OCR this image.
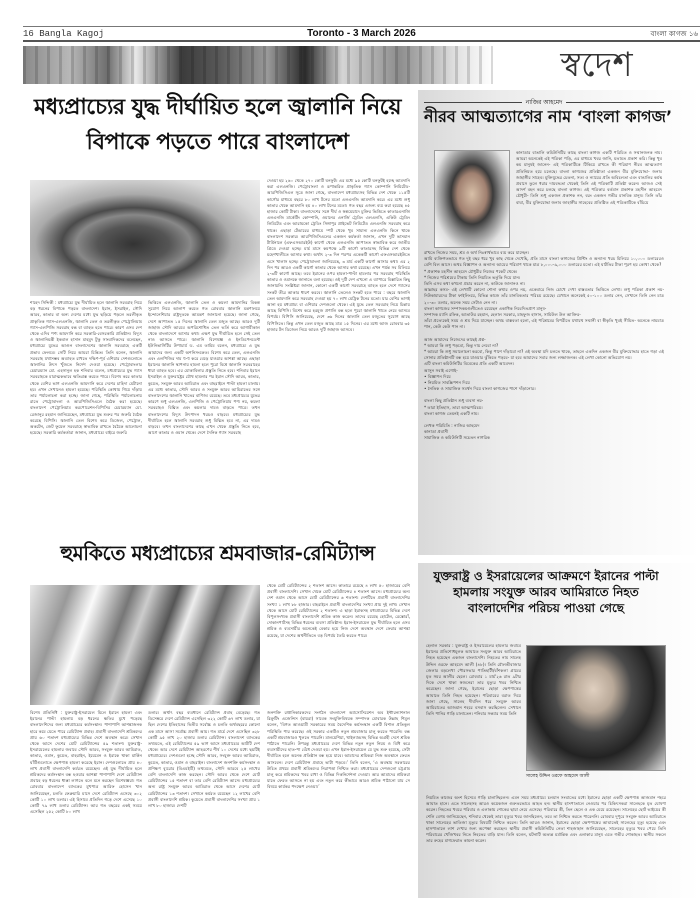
16 Bangla Kagoj	Toronto - 3 March 2026	বাংলা কাগজ ১৬
স্বদেশ
মধ্যপ্রাচ্যের যুদ্ধ দীর্ঘায়িত হলে জ্বালানি নিয়ে বিপাকে পড়তে পারে বাংলাদেশ

শাহেদ সিদ্দিকী : মধ্যপ্রাচ্যে যুদ্ধ দীর্ঘায়িত হলে জ্বালানি সরবরাহ নিয়ে বড় ধরনের বিপাকে পড়তে বাংলাদেশ। ইরান, ইসরাইল, সৌদি আরব, কাতার বা অন্য দেশের মধ্যে যুদ্ধ ছড়িয়ে পড়লে তরলীকৃত প্রাকৃতিক গ্যাস-এলএনজি, জ্বালানি তেল ও তরলীকৃত পেট্রোলিয়াম গ্যাস-এলপিজি সরবরাহ বন্ধ বা ব্যাহত হতে পারে। কারণ এসব দেশ থেকে এদিব পণ্য আমদানি করে সরকারি-বেসরকারি প্রতিষ্ঠান। বিদ্যুৎ ও জ্বালানিমন্ত্রী ইকবাল হাসান মাহমুদ টুকু সাংবাদিকদের বলেছেন, মধ্যপ্রাচ্যে যুদ্ধের আগুন বাংলাদেশের জ্বালানি সরবরাহে একটি প্রভাব ফেলবে। সেটি নিয়ে আমরা চিন্তিত। তিনি বলেন, জ্বালানি সরবরাহ যথাসম্ভব অব্যাহত রাখতে দক্ষিণ-পূর্ব এশিয়ার দেশগুলোতে জ্বালানির উৎস খুঁজতে নির্দেশ দেওয়া হয়েছে। পেট্রোবাংলার চেয়ারম্যান মো. এহসানুল হক শনিবার বলেন, মধ্যপ্রাচ্যের যুদ্ধ গ্যাস সরবরাহকে মারাত্মকভাবে ক্ষতিগ্রস্ত করতে পারে। বিশেষ করে কাতার থেকে বেশির ভাগ এলএনজি আমদানি করে দেশের চাহিদা মেটানো হয়। এখন সেখানেও হামলা হয়েছে। পরিস্থিতি কোথায় গিয়ে দাঁড়ায় তার পর্যালোচনা করা হচ্ছে। জানা গেছে, পরিস্থিতি পর্যালোচনায় রাতে পেট্রোবাংলা ও আরপিজিসিএলে বৈঠক করা হয়েছে। বাংলাদেশ পেট্রোলিয়াম করপোরেশন-বিপিসির চেয়ারম্যান মো. রেজানুর রহমান জানিয়েছেন, মধ্যপ্রাচ্যে যুদ্ধ শুরুর পর জরুরি বৈঠক করেছে বিপিসি। জ্বালানি তেল বিশেষ করে ডিজেল, পেট্রোল, অকটেন, জেট ফুয়েল সরবরাহে স্বাভাবিক রাখতে বৈঠকে আলোচনা হয়েছে। সরকারি কর্মকর্তারা জানান, মধ্যপ্রাচ্যে বাইরে জরুরি

ভিত্তিতে এলএনজি, জ্বালানি তেল ও কয়লা আমদানির বিকল্প সুযোগ নিয়ে আলাপ করতে গত রোববার জ্বালানি মন্ত্রণালয়ে ইন্দোনেশিয়ার রাষ্ট্রদূতকে আমন্ত্রণ জানানো হয়েছে। জানা গেছে, দেশে আপাতত ১৫ দিনের জ্বালানি তেল মজুত আছে। আরও দুটি জাহাজ সৌদি আরবে অপরিশোধিত তেল ভর্তি করে আগামীকাল থেকে বাংলাদেশে আসার কথা। এক্ষণ যুদ্ধ দীর্ঘায়িত হলে সেই তেল নাও আসতে পারে। জ্বালানি বিশেষজ্ঞ ও ইনডিপেনডেন্ট ইউনিভার্সিটির উপাচার্য ড. এম তামিম বলেন, মধ্যপ্রাচ্যে এ যুদ্ধ আমাদের জন্য একটি অশনিসংকেত। বিশেষ করে তেল, এলএনজি এবং এলপিজির দাম হু-হু করে বেড়ে যাওয়ার আশঙ্কা আছে। এছাড়া ইরানের জ্বালানি স্থাপনায় হামলা হলে পুরো বিশ্বে জ্বালানি সরবরাহের ধারা ব্যাহত হবে। এর মোকাবিলার প্রস্তুতি নিতে হবে। শনিবার ইরানে ইসরাইল ও যুক্তরাষ্ট্রের যৌথ হামলার পর ইরান সৌদি আরব, কাতার, কুয়েত, সংযুক্ত আরব আমিরাত এবং বাহরাইনে পাল্টা হামলা চালায়। এর মধ্যে কাতার, সৌদি আরব ও সংযুক্ত আরব আমিরাতের সঙ্গে বাংলাদেশের জ্বালানি খাতের বাণিজ্য রয়েছে। তবে মধ্যপ্রাচ্যের যুদ্ধের কারণে শুধু এলএনজি, এলপিজি ও পেট্রোলিয়াম পণ্য নয়, কয়লা সরবরাহও বিঘ্নিত এবং কয়লার দামও বাড়তে পারে। তখন বাংলাদেশের বিদ্যুৎ উৎপাদন খরচও বাড়বে। মধ্যপ্রাচ্যের যুদ্ধ দীর্ঘায়িত হলে জ্বালানি সরবরাহ শুধু বিঘ্নিত হবে না, এর দামও বাড়বে। তখন বাংলাদেশের কাছে এখন থেকে প্রস্তুতি নিতে হবে, আগে কাতার ও ওমান থেকে। দেশে দৈনিক গ্যাস সরবরাহ

দেওয়া হয় ২৬০ থেকে ২৭০ কোটি ঘনফুট। এর মধ্যে ৯৫ কোটি ঘনফুটই হচ্ছে আমদানি করা এলএনজি। পেট্রোবাংলা ও রূপান্তরিত প্রাকৃতিক গ্যাস কোম্পানি লিমিটেড-আরপিজিসিএল সূত্রে জানা গেছে, বাংলাদেশ মধ্যপ্রাচ্যসহ বিভিন্ন দেশ থেকে ১১৫টি কার্গোর মাধ্যমে বছরে ৮০ লাখ টনের মতো এলএনজি আমদানি করে। এর মধ্যে শুধু কাতার থেকে আমদানি হয় ৪০ লাখ টনের মতো। গত বছর এজন্য ব্যয় করা হয়েছে ৪৫ হাজার কোটি টাকা। বাংলাদেশের সঙ্গে দীর্ঘ ও স্বল্পমেয়াদে চুক্তির ভিত্তিতে কাতারএনার্জি এলএনজি মার্কেটিং কোম্পানি, ওমানের এনার্জি ট্রেডিং এলএলসি, একিউ ট্রেডিং লিমিটেড এবং আরামকো ট্রেডিং সিঙ্গাপুর প্রাইভেট লিমিটেড এলএনজি সরবরাহ করে থাকে। এছাড়া টেন্ডারের মাধ্যমে স্পট থেকে খুব সামান্য এলএনজি কিনে থাকে বাংলাদেশ সরকার। আরপিজিসিএলের একজন কর্মকর্তা জানান, এখন দুটি ভাসমান টার্মিনালে (এফএসআরইউ) কার্গো থেকে এলএনজি আপাতত স্বাভাবিক করে জাতীয় গ্রিডে দেওয়া হচ্ছে। মার্চ মাসে কমপক্ষে ৯টি কার্গো কাতারসহ বিভিন্ন দেশ থেকে মহেশখালীতে আসার কথা। অর্থাৎ ২-৩ দিন পরপর একেকটি কার্গো এফএসআরইউতে এসে খালাস হচ্ছে। পেট্রোবাংলা জানিয়েছে, ৩ মার্চ একটি কার্গো আসার কথা। এর ২ দিন পর আরও একটি কার্গো কাতার থেকে আসার কথা রয়েছে। এখন পর্যন্ত সব মিলিয়ে ২-৩টি কার্গো আছে। তবে ইরানের ওপর হামলা-পাল্টা হামলার পর সরবরাহ পরিস্থিতি কাতার ও ওমানকে জানাতে বলা হয়েছে। ওই দুটি দেশ এখনো এ ব্যাপারে বিস্তারিত কিছু জানায়নি। সংশ্লিষ্টরা জানান, কোনো একটি কার্গো সরবরাহে ব্যাহত হলে দেশে গ্যাসের সংকট তীব্র আকার ধারণ করবে। জ্বালানি তেলেও সংকট হতে পারে : বছরে জ্বালানি তেল আমদানি করে সরবরাহ দেওয়া হয় ৭০ লাখ মেট্রিক টনের মতো। যার বেশির ভাগই আনা হয় মধ্যপ্রাচ্য বা এশিয়ার দেশগুলো থেকে। এই যুদ্ধে তেল সরবরাহ নিয়ে চিন্তায় আছে বিপিসি। বিশেষ করে হরমুজ প্রণালি বন্ধ হলে পুরো জ্বালানি খাতে নেমে আসবে বিপর্যয়। বিপিসি জানিয়েছে, দেশে ৩৬ দিনের জ্বালানি তেল মজুতের সুযোগ আছে বিপিসিতে। কিন্তু এখন তেল মজুত আছে মাত্র ১৫ দিনের। এর মধ্যে আজ রোববার ৩৫ হাজার টন ডিজেল নিয়ে আরও দুটি জাহাজ আসবে।

নাজির আহমেদ
নীরব আত্মত্যাগের নাম ‘বাংলা কাগজ’

কানাডার বাঙালি কমিউনিটির কাছে বাংলা কাগজ একটি পরিচিত ও সম্মানজনক নাম। আমরা অনেকেই এই পত্রিকা পড়ি, এর মাধ্যমে খবর জানি, মতামত প্রকাশ করি। কিন্তু খুব কম মানুষই জানেন- এই পত্রিকাটিকে টিকিয়ে রাখতে কী পরিমাণ নীরব আত্মত্যাগ প্রতিনিয়ত হয়ে চলেছে। বাংলা কাগজের প্রতিষ্ঠাতা একজন বীর মুক্তিযোদ্ধা- জনাব জাহাঙ্গীর সাহেব। মুক্তিযুদ্ধের চেতনা, সত্য ও ন্যায়ের প্রতি অবিচলতা এবং বাঙালির কর্মস্থ প্রবাসে তুলে ধরার দায়বদ্ধতা থেকেই তিনি এই পত্রিকাটি প্রতিষ্ঠা করেন। আজও সেই আদর্শ বহন করে চলছে বাংলা কাগজ। এই পত্রিকার বর্তমান প্রকাশক মহসীন আহমেদ চৌধুরী- তিনি শুধু একজন প্রকাশক নন, বরং একজন গভীর মানবিক মানুষ। তিনি তাঁর বাবা, বীর মুক্তিযোদ্ধা জনাব জাহাঙ্গীর সাহেবের প্রতিষ্ঠিত এই পত্রিকাটিকে বাঁচিয়ে

রাখতে নিজের সময়, শ্রম ও অর্থ নিঃস্বার্থভাবে ব্যয় করে যাচ্ছেন।

আমি ব্যক্তিগতভাবে গত দুই বছর ধরে খুব কাছ থেকে দেখেছি, প্রতি মাসে বাংলা কাগজের প্রিন্টিং ও অন্যান্য খরচ মিলিয়ে ১০,০০০ ডলারেরও বেশি বিল আসে। অথচ বিজ্ঞাপন ও অন্যান্য আয়ের পরিমাণ থাকে মাত্র ৮,০০০-৯,০০০ ডলারের মতো। এই ঘাটতির টাকা পূরণ হয় কোথা থেকে?

* প্রকাশক মহসীন আহমেদ চৌধুরীর নিজের পকেট থেকে।

* নিজের পরিশ্রমের টাকায় তিনি নিয়মিত ভর্তুকি দিয়ে যান।

তিনি এসব কথা কখনো প্রচার করেন না, কাউকে জানানও না।

আল্লাহর কসম- এই লেখাটি কোনো শোনা কথার ওপর নয়, একেবারে নিজ চোখে দেখা বাস্তবতার ভিত্তিতে লেখা। শুধু পত্রিকা প্রকাশ নয়- নিউকামারদের টাকা ফাইলিংয়ে, বিভিন্ন কাজে তাঁর মানবিকতার পরিচয় রয়েছে। যেখানে অনেকেই ৫০-১০০ ডলার নেন, সেখানে তিনি নেন মাত্র ২০-৩০ ডলার, অনেক সময় সেটাও নেন না।

বাংলা কাগজের সম্পাদকমণ্ডলীতেও রয়েছেন একাধিক নিবেদিতপ্রাণ মানুষ-

সম্পাদক ম্যানি রফিক, আতাউর রহমান, হেলাল সরকার, মাহফুজ হাসান, সামিউল উল আক্তির-

তাঁরা প্রত্যেকেই সময় ও শ্রম দিয়ে যাচ্ছেন। অথচ বাস্তবতা হলো, এই পরিশ্রমের বিপরীতে যথাযথ সম্মানী বা স্বীকৃতি খুবই সীমিত- অনেকে নামমাত্র পান, কেউ কেউ পান না।

আজ আমাদের নিজেদের কাছেই প্রশ্ন-

* আমরা কি শুধু পড়বো, কিন্তু দায় নেবো না?

* আমরা কি শুধু সমালোচনা করবো, কিন্তু পাশে দাঁড়াবো না? এই অবস্থা যদি চলতে থাকে, তাহলে একদিন একজন বীর মুক্তিযোদ্ধার হাতে গড়া এই সোনার প্রতিষ্ঠানটি বন্ধ হয়ে যাওয়ার ঝুঁকিতে পড়বে- যা হবে আমাদের সবার জন্য লজ্জাজনক। এই লেখা কোনো অভিযোগ নয়।

এটি বাংলা কমিউনিটির বিবেকের প্রতি একটি আবেদন।

আসুন সবাই এগোই-

• বিজ্ঞাপন দিয়ে

• নিয়মিত সাবস্ক্রিপশন দিয়ে

• নৈতিক ও সামাজিক সমর্থন দিয়ে বাংলা কাগজের পাশে দাঁড়ানোর।

বাংলা কিছু প্রতিষ্ঠান শুধু ব্যবসা নয়-

* তারা ইতিহাস, তারা আত্মপরিচয়।

বাংলা কাগজ তেমনই একটি নাম।

লেখক পরিচিতি : নাজির আহমেদ

কানাডা প্রবাসী

সামাজিক ও কমিউনিটি সচেতন নাগরিক

হুমকিতে মধ্যপ্রাচ্যের শ্রমবাজার-রেমিট্যান্স

থেকে মোট রেমিট্যান্সের ২ শতাংশ আসে। কাতারে রয়েছে ৪ লাখ ৫০ হাজারের বেশি প্রবাসী বাংলাদেশি। সেখান থেকে মোট রেমিট্যান্সের ৪ শতাংশ আসে। মধ্যপ্রাচ্যের অন্য দেশ ওমান থেকে আসে মোট রেমিট্যান্সের ৬ শতাংশ। দেশটিতে প্রবাসী বাংলাদেশির সংখ্যা ১ লাখ ৮৮ হাজার। বাহরাইনে প্রবাসী বাংলাদেশির সংখ্যা প্রায় দুই লাখ। সেখান থেকে আসে মোট রেমিট্যান্সের ২ শতাংশ। এ ছাড়া ইরাকসহ মধ্যপ্রাচ্যের বিভিন্ন দেশে বিপুলসংখ্যক প্রবাসী বাংলাদেশি শ্রমিক কাজ করেন। তাদের রয়েছে হোটেল, রেস্তোরাঁ, দোকানপাটসহ বিভিন্ন ধরনের ব্যবসা প্রতিষ্ঠান। ইরান-ইসরায়েল যুদ্ধ দীর্ঘায়িত হলে এসব শ্রমিক ও ব্যবসায়ীর অনেকেই বেকার হয়ে নিজ দেশে অবস্থান দেশে ফেরার আশঙ্কা রয়েছে, যা দেশের অর্থনীতিতে বড় বিপর্যয় তৈরি করতে পারে।

বিশেষ প্রতিনিধি : যুক্তরাষ্ট্র-ইসরায়েল মিলে ইরানে হামলা এবং ইরানের পাল্টা হামলায় বড় ধরনের ক্ষতির মুখে পড়েছে বাংলাদেশিদের জন্য মধ্যপ্রাচ্যের কর্মসংস্থান। পাশাপাশি আশঙ্কাজনক হারে কমে যেতে পারে রেমিট্যান্স প্রবাহ। প্রবাসী বাংলাদেশি শ্রমিকদের প্রায় ৬০ শতাংশ মধ্যপ্রাচ্যের বিভিন্ন দেশে অবস্থান করে। সেখান থেকে আসে দেশের মোট রেমিট্যান্সের ৫৯ শতাংশ। যুক্তরাষ্ট্র-ইসরায়েলের হামলার জবাবে সৌদি আরব, সংযুক্ত আরব আমিরাত, কাতার, ওমান, কুয়েত, বাহরাইন, ইয়েমেন ও ইরাকে থাকা মার্কিন ঘাঁটিগুলোতে ক্ষেপণাস্ত্র হামলা করেছে ইরান। দেশগুলোতে প্রায় ৪০ লাখ প্রবাসী বাংলাদেশি কর্মরত রয়েছেন। এই যুদ্ধ দীর্ঘায়িত হলে শ্রমিকদের কর্মসংস্থান বন্ধ হওয়ার আশঙ্কা পাশাপাশি দেশে রেমিট্যান্স প্রবাহে বড় ধরনের ধাক্কা লাগতে বলে মনে করছেন বিশেষজ্ঞরা। গত রোববার বাংলাদেশ ব্যাংকের মুখপাত্র আরিফ হোসেন খান জানিয়েছেন, চলতি ফেব্রুয়ারি মাসে দেশে রেমিট্যান্স এসেছে ৩০২ কোটি ১০ লাখ ডলার। এই হিসাবে প্রতিদিন গড়ে দেশে এসেছে ১০ কোটি ৭৯ লাখ ডলার রেমিট্যান্স। আর গত বছরের একই সময়ে এসেছিল ২৫২ কোটি ৮০ লাখ

ডলার। অর্থাৎ বছর ব্যবধানে রেমিট্যান্স প্রবাহ বেড়েছে। গত ডিসেম্বরে দেশে রেমিট্যান্স এসেছিল ৩২২ কোটি ৬৭ লাখ ডলার, যা ছিল দেশের ইতিহাসের দ্বিতীয় সর্বোচ্চ ও চলতি অর্থবছরের কোনো এক মাসে আসা সর্বোচ্চ প্রবাসী আয়। গত মার্চে দেশে এসেছিল ৩২৮ কোটি ৯৫ লাখ ২০ হাজার ডলার রেমিট্যান্স। বাংলাদেশ ব্যাংকের তথ্যমতে, এই রেমিট্যান্সের ৫৯ ভাগ আসে মধ্যপ্রাচ্যের আটটি দেশ থেকে। আর দেশে রেমিট্যান্স আহরণের শীর্ষ ১০ দেশের মধ্যে ছয়টিই মধ্যপ্রাচ্যের। দেশগুলো হচ্ছে সৌদি আরব, সংযুক্ত আরব আমিরাত, কুয়েত, কাতার, ওমান ও বাহরাইন। বাংলাদেশ জনশক্তি কর্মসংস্থান ও প্রশিক্ষণ ব্যুরোর (বিএমইটি) তথ্যমতে, সৌদি আরবে ২৫ লাখের বেশি বাংলাদেশি কাজ করছেন। সৌদি আরব থেকে দেশে মোট রেমিট্যান্সের ১৫ শতাংশ বা তার বেশি রেমিট্যান্স আসে। মধ্যপ্রাচ্যের অন্য রাষ্ট্র সংযুক্ত আরব আমিরাত থেকে আসে দেশের মোট রেমিট্যান্সের ১৩ শতাংশ। সেখানে কর্মরত রয়েছেন ১২ লাখের বেশি প্রবাসী বাংলাদেশি শ্রমিক। কুয়েতে প্রবাসী বাংলাদেশির সংখ্যা প্রায় ১ লাখ ৮০ হাজার। দেশটি

জনশক্তি রপ্তানিকারকদের সংগঠন বাংলাদেশ অ্যাসোসিয়েশন অব ইন্টারন্যাশনাল রিক্রুটিং এজেন্সিস (বায়রা) সাবেক সংযুক্তিবিষয়ক সম্পাদক মোবারক উল্লাহ শিমুল বলেন, ‘বিগত আওয়ামী সরকারের সময় বৈদেশিক কর্মসংস্থান একটি বিশাল প্রতিকূল পরিস্থিতি পার করেছে। ওই সরকার একটিও নতুন শ্রমবাজার চালু করতে পারেনি। বন্ধ একটি শ্রমবাজারও খুলতে পারেনি। মালয়েশিয়া, থাইল্যান্ডসহ বিভিন্ন অগ্রহী দেশে শ্রমিক পাঠাতে পারেনি। উপরন্তু মধ্যপ্রাচ্যের দেশে বিভিন্ন নতুন নতুন নিয়ম ও বিধি করে ব্যবসায়ীদের হাত-পা বেঁধে দেওয়া হয়। এখন ইরান-ইসরায়েল যে যুদ্ধ শুরু হয়েছে, সেটা দীর্ঘায়িত হলে অনেক প্রতিষ্ঠান বন্ধ হয়ে যাবে। আমাদের শ্রমিকরা নিজ অবস্থানে ফেরত আসবেন। দেশে রেমিট্যান্স প্রবাহে ভাটা পড়বে।’ তিনি বলেন, ‘এ অবস্থায় সরকারের উচিত প্রথমে প্রবাসী শ্রমিকদের নিরাপত্তা নিশ্চিত করা। মধ্যপ্রাচ্যের দেশগুলো চট্টগ্রাম চালু করে শ্রমিকদের খবর রাখা ও বিভিন্ন দিকনির্দেশনা দেওয়া। আর আমাদের শ্রমিকরা যাতে ফেরত আসতে না হয় এবং নতুন করে কীভাবে আরও শ্রমিক পাঠানো যায় সে বিষয়ে কার্যকর পদক্ষেপ নেওয়া।’

যুক্তরাষ্ট্র ও ইসরায়েলের আক্রমণে ইরানের পাল্টা হামলায় সংযুক্ত আরব আমিরাতে নিহত বাংলাদেশির পরিচয় পাওয়া গেছে

হেলাল সরকার : যুক্তরাষ্ট্র ও ইসরায়েলের হামলার জবাবে ইরানের প্রতিশোধমূলক আঘাতে সংযুক্ত আরব আমিরাতে নিহত হয়েছেন একজন বাংলাদেশি। নিহতের নাম সালেহ উদ্দিন ওরফে আহমেদ আলী (৪৮)। তিনি মৌলভীবাজার জেলার বড়লেখা পৌরসভার পাতিহাটী/বাঁশকলা গ্রামের মৃত সমর আলীর ছেলে। রোববার ১ মার্চ'২৬ রাত ৯টার দিকে দেশে থাকা স্বজনেরা তার মৃত্যুর খবর নিশ্চিত করেছেন। জানা গেছে, ইরানের ছোড়া ক্ষেপণাস্ত্রের আঘাতে তিনি নিহত হয়েছেন। পরিবারের বরাত দিয়ে জানা গেছে, সালেহ দীর্ঘদিন ধরে সংযুক্ত আরব আমিরাতের আজমান শহরে বসবাস করছিলেন। সেখানে তিনি পানির গাড়ি চালাতেন। শনিবার সন্ধ্যার সময় তিনি

সালেহ উদ্দিন ওরফে আহমেদ আলী

নিয়মিত কাজের অংশ হিসেবে গাড়ি চালাচ্ছিলেন। এমন সময় মধ্যপ্রাচ্যে চলমান সংঘাতের মধ্যে ইরানের ছোড়া একটি ক্ষেপণাস্ত্র আজমান শহরে আঘাত হানে। এতে সালেহসহ আরও কয়েকজন গুরুতরভাবে আহত হন। স্থানীয় হাসপাতালে নেওয়ার পর চিকিৎসকরা সালেহকে মৃত ঘোষণা করেন। নিহতের খবরে পরিবার ও এলাকায় শোকের ছায়া নেমে এসেছে। পরিবারে স্ত্রী, তিন ছেলে ও এক মেয়ে রয়েছেন। সালেহের ছোট ভাইয়ের স্ত্রী শেলি বেগম জানিয়েছেন, শনিবার থেকেই তারা মৃত্যুর খবর জানছিলেন, তবে তা নিশ্চিত করতে পারেননি। রোববার দুপুরে সংযুক্ত আরব আমিরাতে থাকা সালেহের ভাতিজা মৃত্যুর বিষয়টি নিশ্চিত করেন। তিনি আরও জানান, ইরানের ছোড়া ক্ষেপণাস্ত্রের আঘাতেই সালেহের মৃত্যু হয়েছে এবং হাসপাতালে লাশ দেখার জন্য অপেক্ষা করছেন। স্থানীয় প্রবাসী কমিউনিটির নেতা শাহজাহান জানিয়েছেন, সালেহের মৃত্যুর খবর পেয়ে তিনি পরিবারের খোঁজখবর নিতে নিহতের বাড়ি যান। তিনি বলেন, ঘটনাটি অত্যন্ত মর্মান্তিক এবং এলাকার মানুষ এতে গভীর শোকাহত। স্থানীয় সকলে তার রুহের মাগফেরাত কামনা করেন।
